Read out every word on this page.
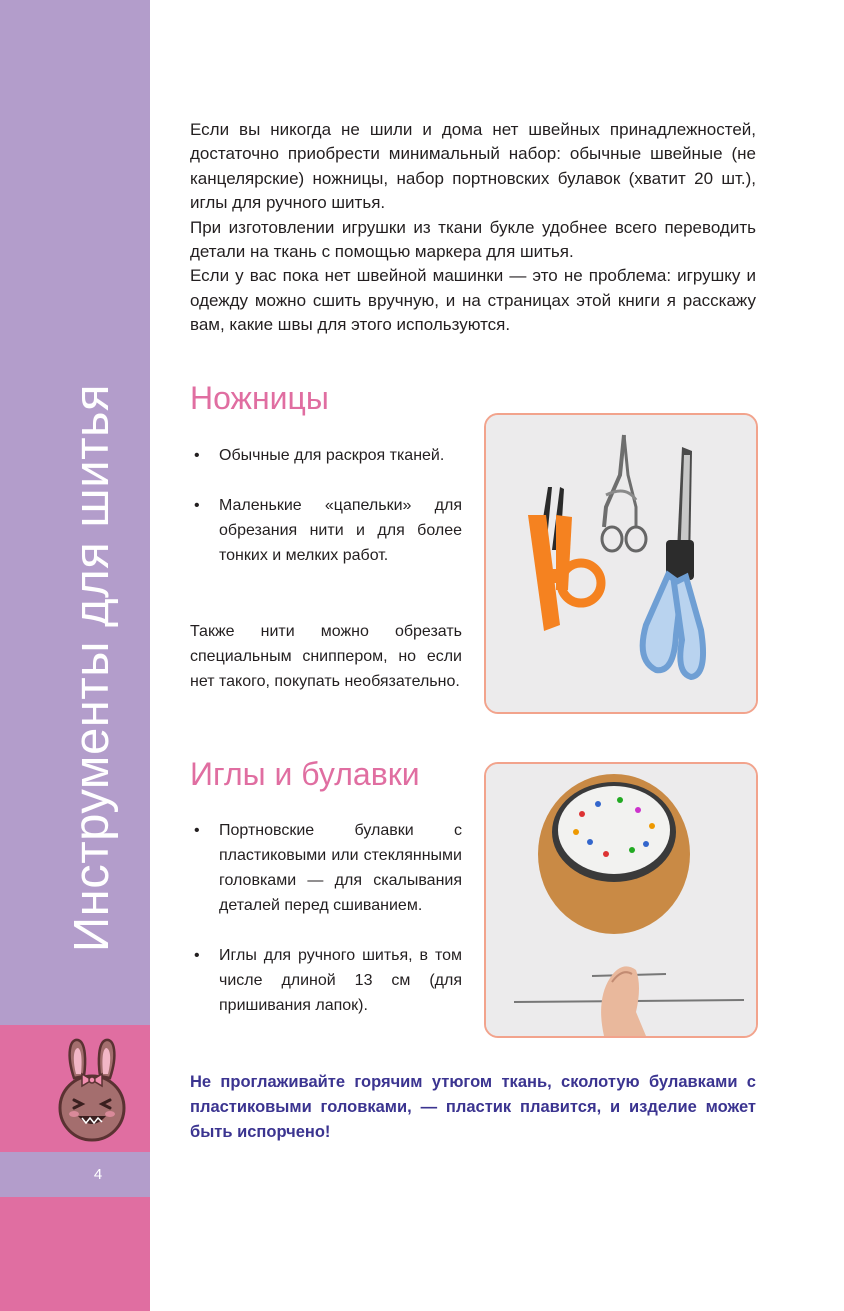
Инструменты для шитья
4

Если вы никогда не шили и дома нет швейных принадлежностей, достаточно приобрести минимальный набор: обычные швейные (не канцелярские) ножницы, набор портновских булавок (хватит 20 шт.), иглы для ручного шитья.

При изготовлении игрушки из ткани букле удобнее всего переводить детали на ткань с помощью маркера для шитья.

Если у вас пока нет швейной машинки — это не проблема: игрушку и одежду можно сшить вручную, и на страницах этой книги я расскажу вам, какие швы для этого используются.

Ножницы
• Обычные для раскроя тканей.
• Маленькие «цапельки» для обрезания нити и для более тонких и мелких работ.

Также нити можно обрезать специальным сниппером, но если нет такого, покупать необязательно.

Иглы и булавки
• Портновские булавки с пластиковыми или стеклянными головками — для скалывания деталей перед сшиванием.
• Иглы для ручного шитья, в том числе длиной 13 см (для пришивания лапок).

Не проглаживайте горячим утюгом ткань, сколотую булавками с пластиковыми головками, — пластик плавится, и изделие может быть испорчено!
